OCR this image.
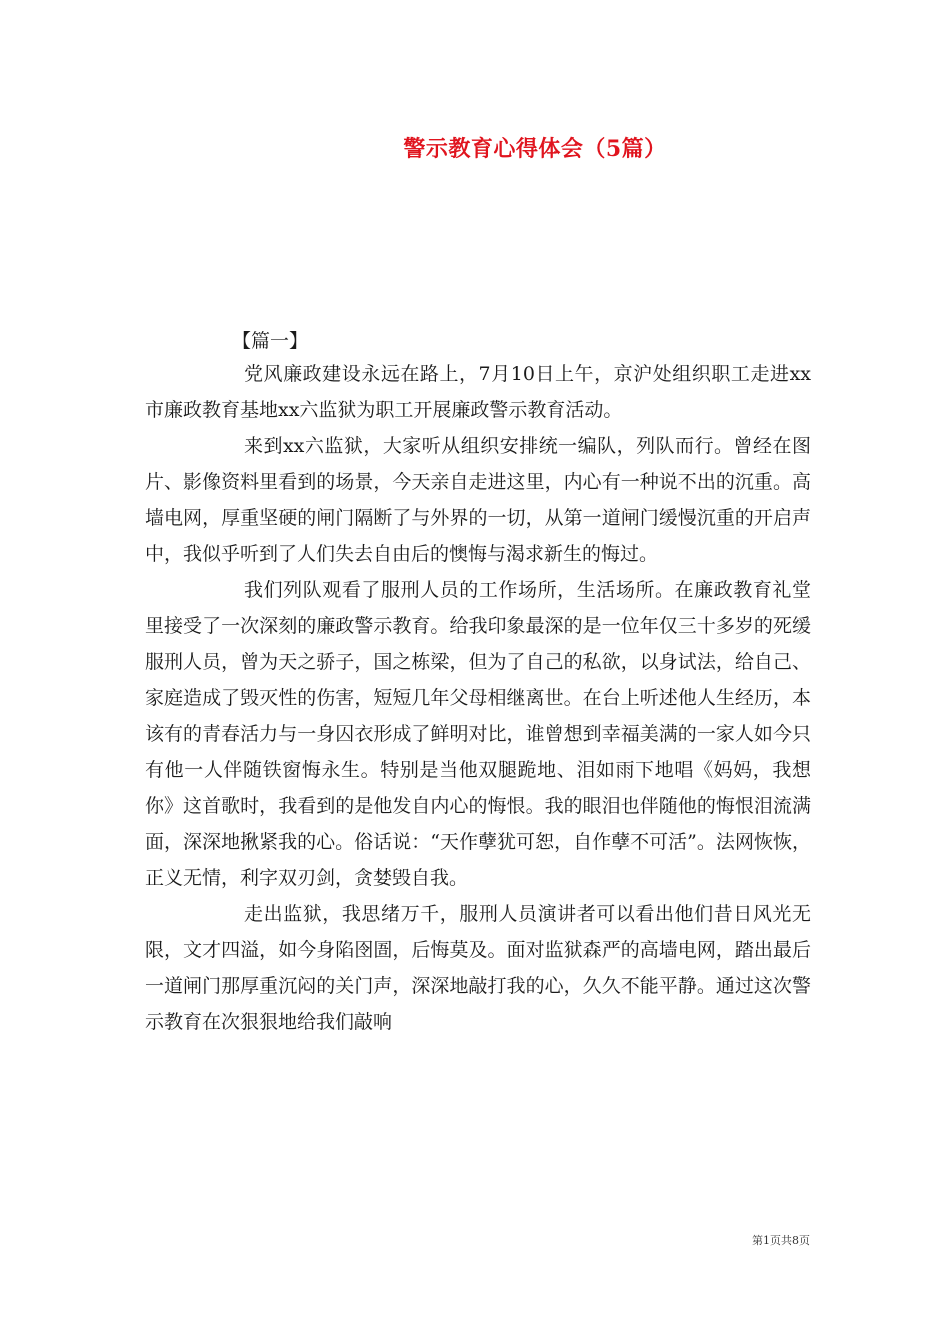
警示教育心得体会（5篇）
【篇一】

党风廉政建设永远在路上，7月10日上午，京沪处组织职工走进xx市廉政教育基地xx六监狱为职工开展廉政警示教育活动。

来到xx六监狱，大家听从组织安排统一编队，列队而行。曾经在图片、影像资料里看到的场景，今天亲自走进这里，内心有一种说不出的沉重。高墙电网，厚重坚硬的闸门隔断了与外界的一切，从第一道闸门缓慢沉重的开启声中，我似乎听到了人们失去自由后的懊悔与渴求新生的悔过。

我们列队观看了服刑人员的工作场所，生活场所。在廉政教育礼堂里接受了一次深刻的廉政警示教育。给我印象最深的是一位年仅三十多岁的死缓服刑人员，曾为天之骄子，国之栋梁，但为了自己的私欲，以身试法，给自己、家庭造成了毁灭性的伤害，短短几年父母相继离世。在台上听述他人生经历，本该有的青春活力与一身囚衣形成了鲜明对比，谁曾想到幸福美满的一家人如今只有他一人伴随铁窗悔永生。特别是当他双腿跪地、泪如雨下地唱《妈妈，我想你》这首歌时，我看到的是他发自内心的悔恨。我的眼泪也伴随他的悔恨泪流满面，深深地揪紧我的心。俗话说：“天作孽犹可恕，自作孽不可活”。法网恢恢，正义无情，利字双刃剑，贪婪毁自我。

走出监狱，我思绪万千，服刑人员演讲者可以看出他们昔日风光无限，文才四溢，如今身陷囹圄，后悔莫及。面对监狱森严的高墙电网，踏出最后一道闸门那厚重沉闷的关门声，深深地敲打我的心，久久不能平静。通过这次警示教育在次狠狠地给我们敲响

第1页共8页
